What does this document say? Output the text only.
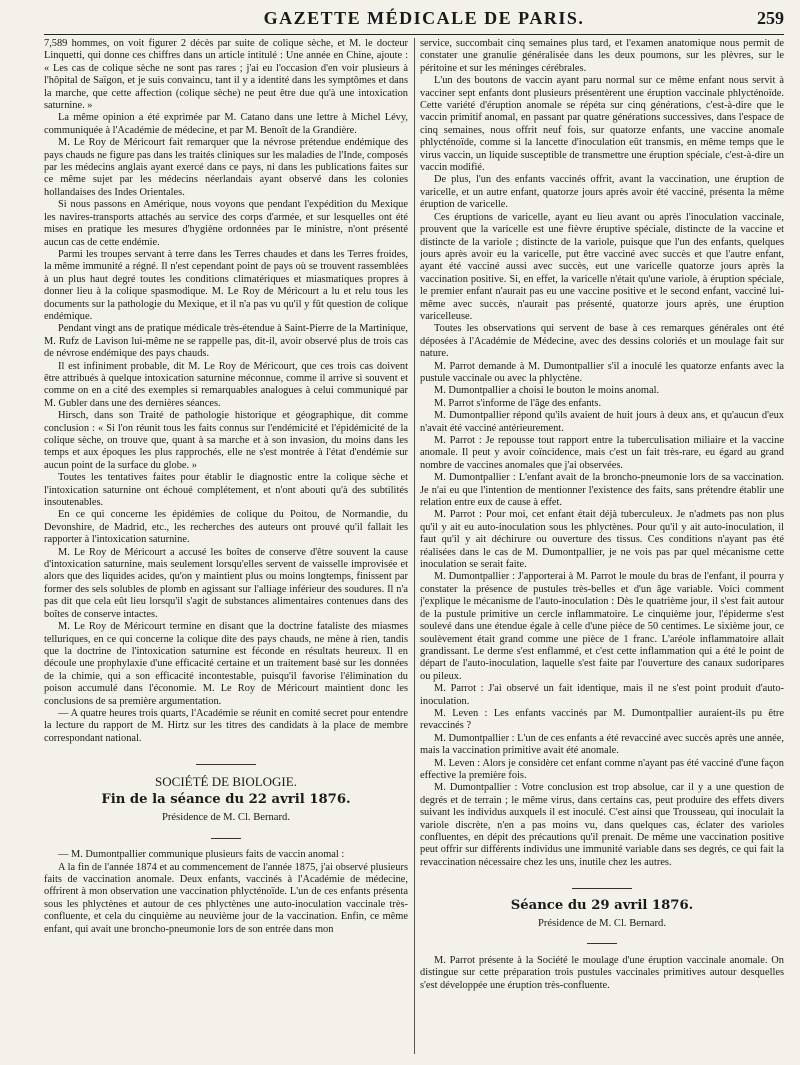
GAZETTE MÉDICALE DE PARIS.	259

7,589 hommes, on voit figurer 2 décès par suite de colique sèche, et M. le docteur Linquetti, qui donne ces chiffres dans un article intitulé : Une année en Chine, ajoute : « Les cas de colique sèche ne sont pas rares ; j'ai eu l'occasion d'en voir plusieurs à l'hôpital de Saïgon, et je suis convaincu, tant il y a identité dans les symptômes et dans la marche, que cette affection (colique sèche) ne peut être due qu'à une intoxication saturnine. »

La même opinion a été exprimée par M. Catano dans une lettre à Michel Lévy, communiquée à l'Académie de médecine, et par M. Benoît de la Grandière.

M. Le Roy de Méricourt fait remarquer que la névrose prétendue endémique des pays chauds ne figure pas dans les traités cliniques sur les maladies de l'Inde, composés par les médecins anglais ayant exercé dans ce pays, ni dans les publications faites sur ce même sujet par les médecins néerlandais ayant observé dans les colonies hollandaises des Indes Orientales.

Si nous passons en Amérique, nous voyons que pendant l'expédition du Mexique les navires-transports attachés au service des corps d'armée, et sur lesquelles ont été mises en pratique les mesures d'hygiène ordonnées par le ministre, n'ont présenté aucun cas de cette endémie.

Parmi les troupes servant à terre dans les Terres chaudes et dans les Terres froides, la même immunité a régné. Il n'est cependant point de pays où se trouvent rassemblées à un plus haut degré toutes les conditions climatériques et miasmatiques propres à donner lieu à la colique spasmodique. M. Le Roy de Méricourt a lu et relu tous les documents sur la pathologie du Mexique, et il n'a pas vu qu'il y fût question de colique endémique.

Pendant vingt ans de pratique médicale très-étendue à Saint-Pierre de la Martinique, M. Rufz de Lavison lui-même ne se rappelle pas, dit-il, avoir observé plus de trois cas de névrose endémique des pays chauds.

Il est infiniment probable, dit M. Le Roy de Méricourt, que ces trois cas doivent être attribués à quelque intoxication saturnine méconnue, comme il arrive si souvent et comme on en a cité des exemples si remarquables analogues à celui communiqué par M. Gubler dans une des dernières séances.

Hirsch, dans son Traité de pathologie historique et géographique, dit comme conclusion : « Si l'on réunit tous les faits connus sur l'endémicité et l'épidémicité de la colique sèche, on trouve que, quant à sa marche et à son invasion, du moins dans les temps et aux époques les plus rapprochés, elle ne s'est montrée à l'état d'endémie sur aucun point de la surface du globe. »

Toutes les tentatives faites pour établir le diagnostic entre la colique sèche et l'intoxication saturnine ont échoué complétement, et n'ont abouti qu'à des subtilités insoutenables.

En ce qui concerne les épidémies de colique du Poitou, de Normandie, du Devonshire, de Madrid, etc., les recherches des auteurs ont prouvé qu'il fallait les rapporter à l'intoxication saturnine.

M. Le Roy de Méricourt a accusé les boîtes de conserve d'être souvent la cause d'intoxication saturnine, mais seulement lorsqu'elles servent de vaisselle improvisée et alors que des liquides acides, qu'on y maintient plus ou moins longtemps, finissent par former des sels solubles de plomb en agissant sur l'alliage inférieur des soudures. Il n'a pas dit que cela eût lieu lorsqu'il s'agit de substances alimentaires contenues dans des boîtes de conserve intactes.

M. Le Roy de Méricourt termine en disant que la doctrine fataliste des miasmes telluriques, en ce qui concerne la colique dite des pays chauds, ne mène à rien, tandis que la doctrine de l'intoxication saturnine est féconde en résultats heureux. Il en découle une prophylaxie d'une efficacité certaine et un traitement basé sur les données de la chimie, qui a son efficacité incontestable, puisqu'il favorise l'élimination du poison accumulé dans l'économie. M. Le Roy de Méricourt maintient donc les conclusions de sa première argumentation.

— A quatre heures trois quarts, l'Académie se réunit en comité secret pour entendre la lecture du rapport de M. Hirtz sur les titres des candidats à la place de membre correspondant national.

SOCIÉTÉ DE BIOLOGIE.
Fin de la séance du 22 avril 1876.
Présidence de M. Cl. Bernard.

— M. Dumontpallier communique plusieurs faits de vaccin anomal :

A la fin de l'année 1874 et au commencement de l'année 1875, j'ai observé plusieurs faits de vaccination anomale. Deux enfants, vaccinés à l'Académie de médecine, offrirent à mon observation une vaccination phlycténoïde. L'un de ces enfants présenta sous les phlyctènes et autour de ces phlyctènes une auto-inoculation vaccinale très-confluente, et cela du cinquième au neuvième jour de la vaccination. Enfin, ce même enfant, qui avait une broncho-pneumonie lors de son entrée dans mon

service, succombait cinq semaines plus tard, et l'examen anatomique nous permit de constater une granulie généralisée dans les deux poumons, sur les plèvres, sur le péritoine et sur les méninges cérébrales.

L'un des boutons de vaccin ayant paru normal sur ce même enfant nous servit à vacciner sept enfants dont plusieurs présentèrent une éruption vaccinale phlycténoïde. Cette variété d'éruption anomale se répéta sur cinq générations, c'est-à-dire que le vaccin primitif anomal, en passant par quatre générations successives, dans l'espace de cinq semaines, nous offrit neuf fois, sur quatorze enfants, une vaccine anomale phlycténoïde, comme si la lancette d'inoculation eût transmis, en même temps que le virus vaccin, un liquide susceptible de transmettre une éruption spéciale, c'est-à-dire un vaccin modifié.

De plus, l'un des enfants vaccinés offrit, avant la vaccination, une éruption de varicelle, et un autre enfant, quatorze jours après avoir été vacciné, présenta la même éruption de varicelle.

Ces éruptions de varicelle, ayant eu lieu avant ou après l'inoculation vaccinale, prouvent que la varicelle est une fièvre éruptive spéciale, distincte de la vaccine et distincte de la variole ; distincte de la variole, puisque que l'un des enfants, quelques jours après avoir eu la varicelle, put être vacciné avec succès et que l'autre enfant, ayant été vacciné aussi avec succès, eut une varicelle quatorze jours après la vaccination positive. Si, en effet, la varicelle n'était qu'une variole, à éruption spéciale, le premier enfant n'aurait pas eu une vaccine positive et le second enfant, vacciné lui-même avec succès, n'aurait pas présenté, quatorze jours après, une éruption varicelleuse.

Toutes les observations qui servent de base à ces remarques générales ont été déposées à l'Académie de Médecine, avec des dessins coloriés et un moulage fait sur nature.

M. Parrot demande à M. Dumontpallier s'il a inoculé les quatorze enfants avec la pustule vaccinale ou avec la phlyctène.

M. Dumontpallier a choisi le bouton le moins anomal.

M. Parrot s'informe de l'âge des enfants.

M. Dumontpallier répond qu'ils avaient de huit jours à deux ans, et qu'aucun d'eux n'avait été vacciné antérieurement.

M. Parrot : Je repousse tout rapport entre la tuberculisation miliaire et la vaccine anomale. Il peut y avoir coïncidence, mais c'est un fait très-rare, eu égard au grand nombre de vaccines anomales que j'ai observées.

M. Dumontpallier : L'enfant avait de la broncho-pneumonie lors de sa vaccination. Je n'ai eu que l'intention de mentionner l'existence des faits, sans prétendre établir une relation entre eux de cause à effet.

M. Parrot : Pour moi, cet enfant était déjà tuberculeux. Je n'admets pas non plus qu'il y ait eu auto-inoculation sous les phlyctènes. Pour qu'il y ait auto-inoculation, il faut qu'il y ait déchirure ou ouverture des tissus. Ces conditions n'ayant pas été réalisées dans le cas de M. Dumontpallier, je ne vois pas par quel mécanisme cette inoculation se serait faite.

M. Dumontpallier : J'apporterai à M. Parrot le moule du bras de l'enfant, il pourra y constater la présence de pustules très-belles et d'un âge variable. Voici comment j'explique le mécanisme de l'auto-inoculation : Dès le quatrième jour, il s'est fait autour de la pustule primitive un cercle inflammatoire. Le cinquième jour, l'épiderme s'est soulevé dans une étendue égale à celle d'une pièce de 50 centimes. Le sixième jour, ce soulèvement était grand comme une pièce de 1 franc. L'aréole inflammatoire allait grandissant. Le derme s'est enflammé, et c'est cette inflammation qui a été le point de départ de l'auto-inoculation, laquelle s'est faite par l'ouverture des canaux sudoripares ou pileux.

M. Parrot : J'ai observé un fait identique, mais il ne s'est point produit d'auto-inoculation.

M. Leven : Les enfants vaccinés par M. Dumontpallier auraient-ils pu être revaccinés ?

M. Dumontpallier : L'un de ces enfants a été revacciné avec succès après une année, mais la vaccination primitive avait été anomale.

M. Leven : Alors je considère cet enfant comme n'ayant pas été vacciné d'une façon effective la première fois.

M. Dumontpallier : Votre conclusion est trop absolue, car il y a une question de degrés et de terrain ; le même virus, dans certains cas, peut produire des effets divers suivant les individus auxquels il est inoculé. C'est ainsi que Trousseau, qui inoculait la variole discrète, n'en a pas moins vu, dans quelques cas, éclater des varioles confluentes, en dépit des précautions qu'il prenait. De même une vaccination positive peut offrir sur différents individus une immunité variable dans ses degrés, ce qui fait la revaccination nécessaire chez les uns, inutile chez les autres.

Séance du 29 avril 1876.
Présidence de M. Cl. Bernard.

M. Parrot présente à la Société le moulage d'une éruption vaccinale anomale. On distingue sur cette préparation trois pustules vaccinales primitives autour desquelles s'est développée une éruption très-confluente.
